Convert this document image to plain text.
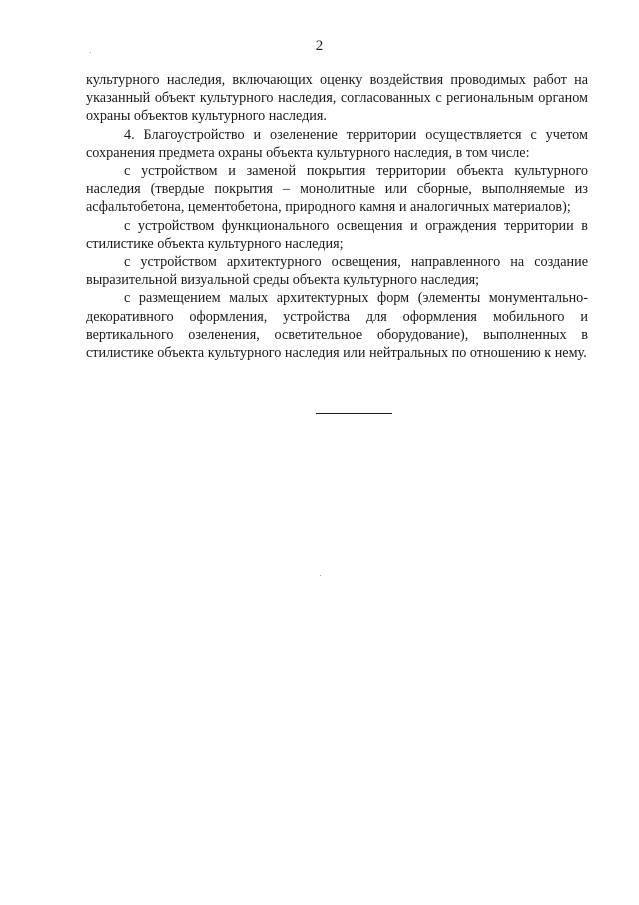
2

культурного наследия, включающих оценку воздействия проводимых работ на указанный объект культурного наследия, согласованных с региональным органом охраны объектов культурного наследия.

4. Благоустройство и озеленение территории осуществляется с учетом сохранения предмета охраны объекта культурного наследия, в том числе:

с устройством и заменой покрытия территории объекта культурного наследия (твердые покрытия – монолитные или сборные, выполняемые из асфальтобетона, цементобетона, природного камня и аналогичных материалов);

с устройством функционального освещения и ограждения территории в стилистике объекта культурного наследия;

с устройством архитектурного освещения, направленного на создание выразительной визуальной среды объекта культурного наследия;

с размещением малых архитектурных форм (элементы монументально-декоративного оформления, устройства для оформления мобильного и вертикального озеленения, осветительное оборудование), выполненных в стилистике объекта культурного наследия или нейтральных по отношению к нему.
